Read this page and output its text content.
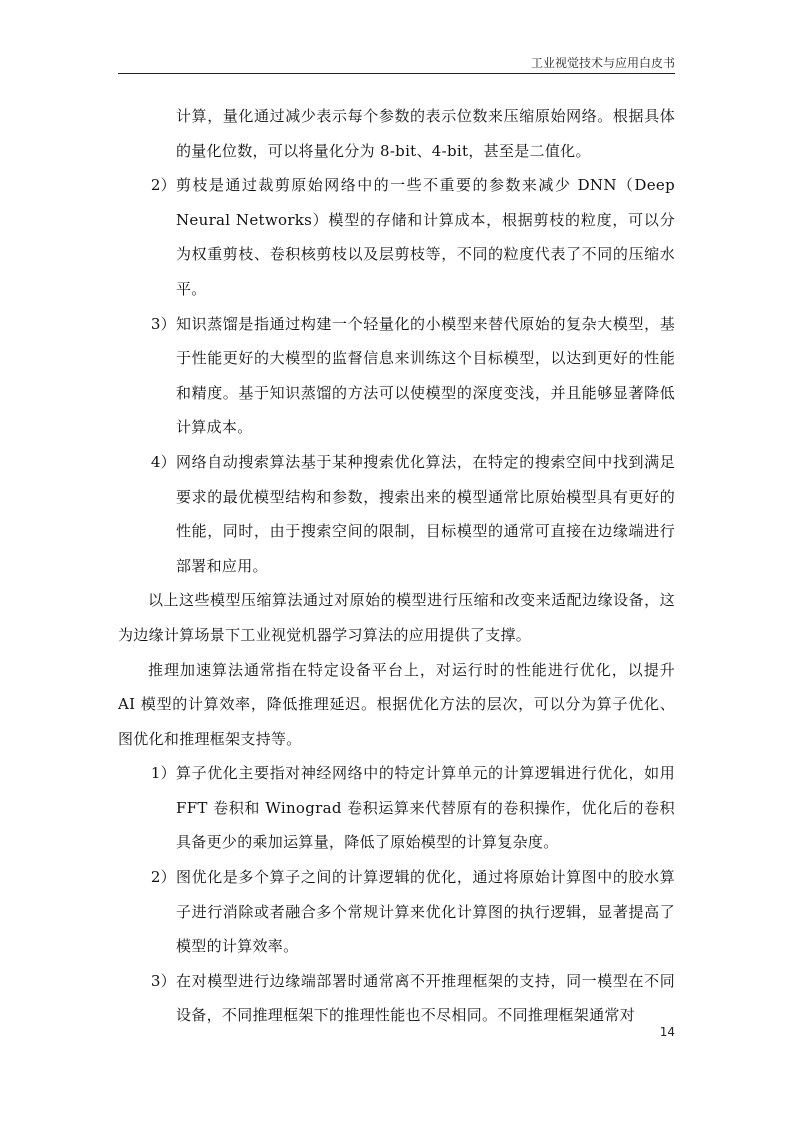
工业视觉技术与应用白皮书
计算，量化通过减少表示每个参数的表示位数来压缩原始网络。根据具体的量化位数，可以将量化分为 8-bit、4-bit，甚至是二值化。
2） 剪枝是通过裁剪原始网络中的一些不重要的参数来减少 DNN（Deep Neural Networks）模型的存储和计算成本，根据剪枝的粒度，可以分为权重剪枝、卷积核剪枝以及层剪枝等，不同的粒度代表了不同的压缩水平。
3） 知识蒸馏是指通过构建一个轻量化的小模型来替代原始的复杂大模型，基于性能更好的大模型的监督信息来训练这个目标模型，以达到更好的性能和精度。基于知识蒸馏的方法可以使模型的深度变浅，并且能够显著降低计算成本。
4） 网络自动搜索算法基于某种搜索优化算法，在特定的搜索空间中找到满足要求的最优模型结构和参数，搜索出来的模型通常比原始模型具有更好的性能，同时，由于搜索空间的限制，目标模型的通常可直接在边缘端进行部署和应用。
以上这些模型压缩算法通过对原始的模型进行压缩和改变来适配边缘设备，这为边缘计算场景下工业视觉机器学习算法的应用提供了支撑。
推理加速算法通常指在特定设备平台上，对运行时的性能进行优化，以提升 AI 模型的计算效率，降低推理延迟。根据优化方法的层次，可以分为算子优化、图优化和推理框架支持等。
1） 算子优化主要指对神经网络中的特定计算单元的计算逻辑进行优化，如用 FFT 卷积和 Winograd 卷积运算来代替原有的卷积操作，优化后的卷积具备更少的乘加运算量，降低了原始模型的计算复杂度。
2） 图优化是多个算子之间的计算逻辑的优化，通过将原始计算图中的胶水算子进行消除或者融合多个常规计算来优化计算图的执行逻辑，显著提高了模型的计算效率。
3） 在对模型进行边缘端部署时通常离不开推理框架的支持，同一模型在不同设备，不同推理框架下的推理性能也不尽相同。不同推理框架通常对
14
